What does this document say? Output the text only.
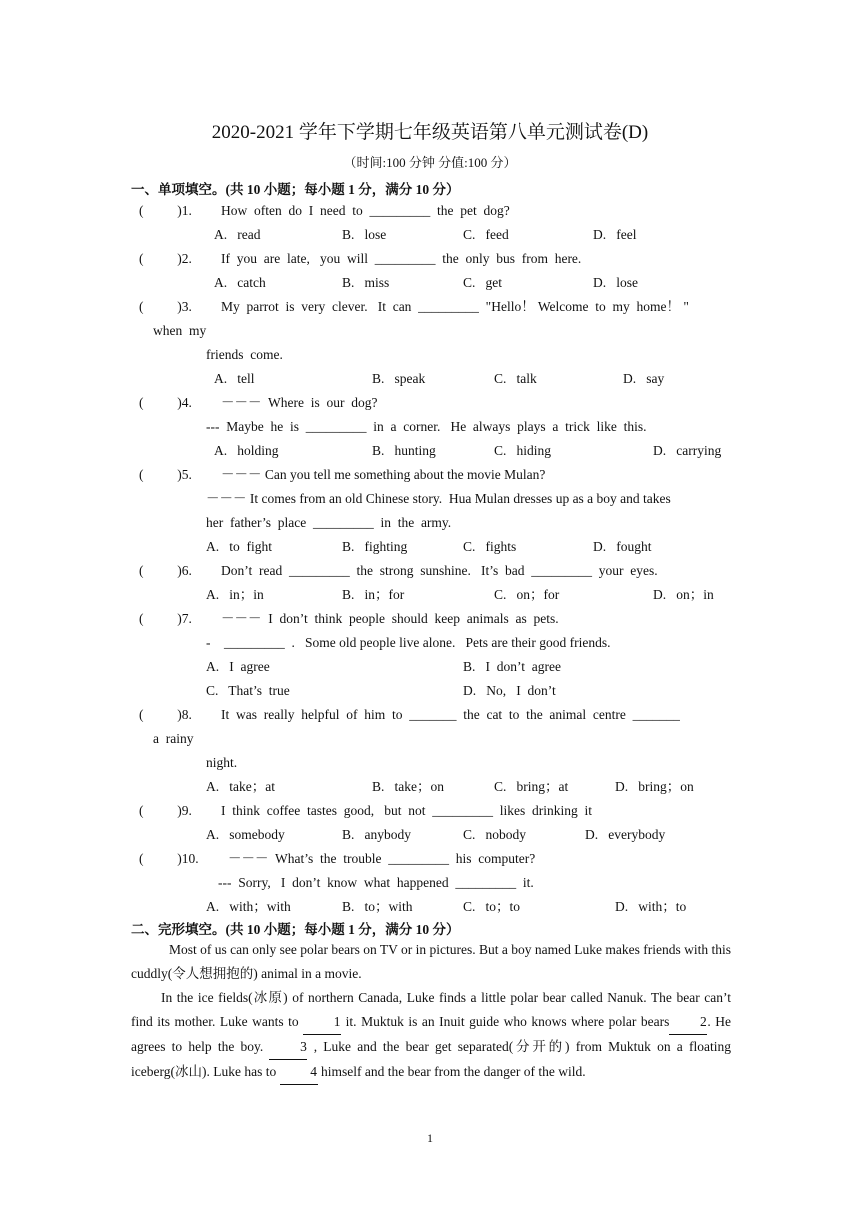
2020-2021 学年下学期七年级英语第八单元测试卷(D)
（时间:100 分钟 分值:100 分）
一、单项填空。(共 10 小题；每小题 1 分，满分 10 分）
(          )1. How  often  do  I  need  to  _________  the  pet  dog?
A.   read	B.   lose	C.   feed	D.   feel
(          )2. If  you  are  late,   you  will  _________  the  only  bus  from  here.
A.   catch	B.   miss	C.   get	D.   lose
(          )3. My  parrot  is  very  clever.   It  can  _________  "Hello！ Welcome  to  my  home！ "
when  my
friends  come.
A.   tell	B.   speak	C.   talk	D.   say
(          )4. －－－  Where  is  our  dog?
---  Maybe  he  is  _________  in  a  corner.   He  always  plays  a  trick  like  this.
A.   holding	B.   hunting	C.   hiding	D.   carrying
(          )5. －－－ Can you tell me something about the movie Mulan?
－－－ It comes from an old Chinese story.  Hua Mulan dresses up as a boy and takes
her  father’s  place  _________  in  the  army.
A.   to  fight	B.   fighting	C.   fights	D.   fought
(          )6. Don’t  read  _________  the  strong  sunshine.   It’s  bad  _________  your  eyes.
A.   in；in	B.   in；for	C.   on；for	D.   on；in
(          )7. －－－  I  don’t  think  people  should  keep  animals  as  pets.
-    _________  .   Some old people live alone.   Pets are their good friends.
A.   I  agree	B.   I  don’t  agree
C.   That’s  true	D.   No,   I  don’t
(          )8. It  was  really  helpful  of  him  to  _______  the  cat  to  the  animal  centre  _______
a  rainy
night.
A.   take；at	B.   take；on	C.   bring；at	D.   bring；on
(          )9. I  think  coffee  tastes  good,   but  not  _________  likes  drinking  it
A.   somebody	B.   anybody	C.   nobody	D.   everybody
(          )10. －－－  What’s  the  trouble  _________  his  computer?
---  Sorry,   I  don’t  know  what  happened  _________  it.
A.   with；with	B.   to；with	C.   to；to	D.   with；to
二、完形填空。(共 10 小题；每小题 1 分，满分 10 分）
Most of us can only see polar bears on TV or in pictures. But a boy named Luke makes friends with this cuddly(令人想拥抱的) animal in a movie.
In the ice fields(冰原) of northern Canada, Luke finds a little polar bear called Nanuk. The bear can’t find its mother. Luke wants to 1 it. Muktuk is an Inuit guide who knows where polar bears 2. He agrees to help the boy. 3 , Luke and the bear get separated(分开的) from Muktuk on a floating iceberg(冰山). Luke has to 4 himself and the bear from the danger of the wild.
1
